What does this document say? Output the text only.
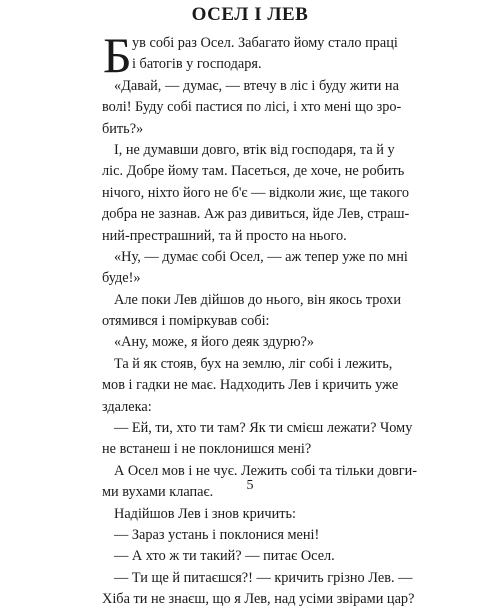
ОСЕЛ І ЛЕВ
Б ув собі раз Осел. Забагато йому стало праці
і батогів у господаря.
«Давай, — думає, — втечу в ліс і буду жити на
волі! Буду собі пастися по лісі, і хто мені що зро-
бить?»
І, не думавши довго, втік від господаря, та й у
ліс. Добре йому там. Пасеться, де хоче, не робить
нічого, ніхто його не б'є — відколи жиє, ще такого
добра не зазнав. Аж раз дивиться, йде Лев, страш-
ний-престрашний, та й просто на нього.
«Ну, — думає собі Осел, — аж тепер уже по мні
буде!»
Але поки Лев дійшов до нього, він якось трохи
отямився і поміркував собі:
«Ану, може, я його деяк здурю?»
Та й як стояв, бух на землю, ліг собі і лежить,
мов і гадки не має. Надходить Лев і кричить уже
здалека:
— Ей, ти, хто ти там? Як ти смієш лежати? Чому
не встанеш і не поклонишся мені?
А Осел мов і не чує. Лежить собі та тільки довги-
ми вухами клапає.
Надійшов Лев і знов кричить:
— Зараз устань і поклонися мені!
— А хто ж ти такий? — питає Осел.
— Ти ще й питаєшся?! — кричить грізно Лев. —
Хіба ти не знаєш, що я Лев, над усіми звірами цар?
5
